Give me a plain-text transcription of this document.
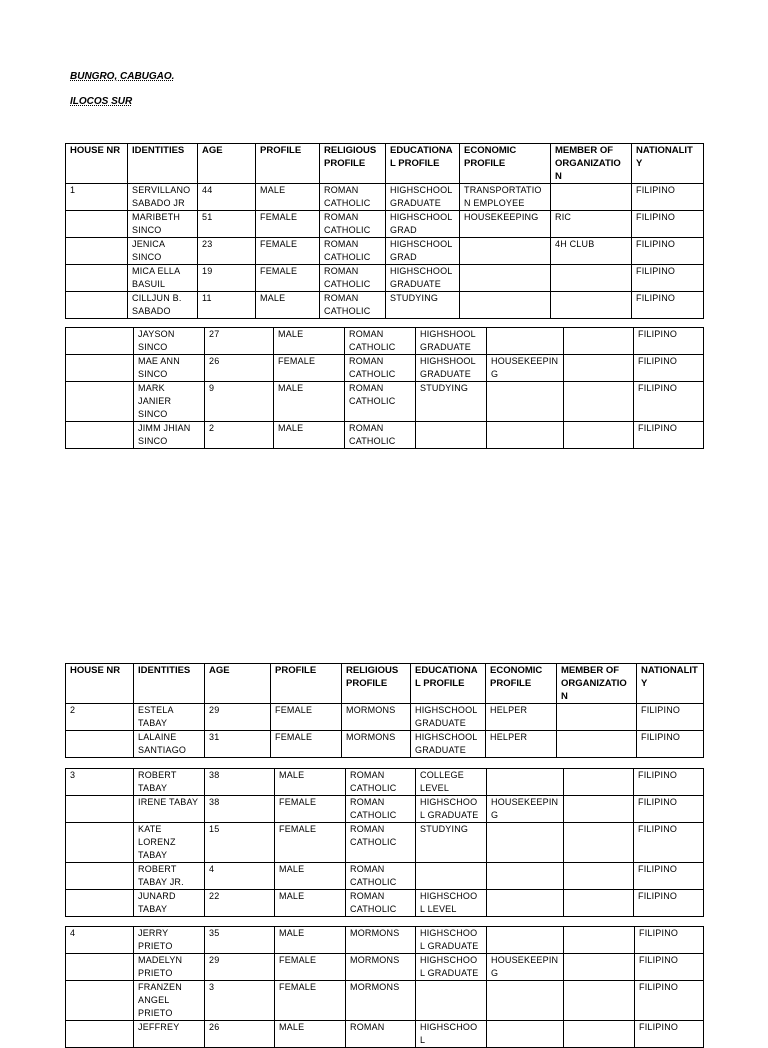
BUNGRO, CABUGAO.
ILOCOS SUR
HOUSE NR	IDENTITIES	AGE	PROFILE	RELIGIOUS PROFILE	EDUCATIONAL PROFILE	ECONOMIC PROFILE	MEMBER OF ORGANIZATION	NATIONALITY
1	SERVILLANO SABADO JR	44	MALE	ROMAN CATHOLIC	HIGHSCHOOL GRADUATE	TRANSPORTATION EMPLOYEE		FILIPINO
	MARIBETH SINCO	51	FEMALE	ROMAN CATHOLIC	HIGHSCHOOL GRAD	HOUSEKEEPING	RIC	FILIPINO
	JENICA SINCO	23	FEMALE	ROMAN CATHOLIC	HIGHSCHOOL GRAD		4H CLUB	FILIPINO
	MICA ELLA BASUIL	19	FEMALE	ROMAN CATHOLIC	HIGHSCHOOL GRADUATE			FILIPINO
	CILLJUN B. SABADO	11	MALE	ROMAN CATHOLIC	STUDYING			FILIPINO
	JAYSON SINCO	27	MALE	ROMAN CATHOLIC	HIGHSHOOL GRADUATE			FILIPINO
	MAE ANN SINCO	26	FEMALE	ROMAN CATHOLIC	HIGHSHOOL GRADUATE	HOUSEKEEPING		FILIPINO
	MARK JANIER SINCO	9	MALE	ROMAN CATHOLIC	STUDYING			FILIPINO
	JIMM JHIAN SINCO	2	MALE	ROMAN CATHOLIC				FILIPINO
HOUSE NR	IDENTITIES	AGE	PROFILE	RELIGIOUS PROFILE	EDUCATIONAL PROFILE	ECONOMIC PROFILE	MEMBER OF ORGANIZATION	NATIONALITY
2	ESTELA TABAY	29	FEMALE	MORMONS	HIGHSCHOOL GRADUATE	HELPER		FILIPINO
	LALAINE SANTIAGO	31	FEMALE	MORMONS	HIGHSCHOOL GRADUATE	HELPER		FILIPINO
3	ROBERT TABAY	38	MALE	ROMAN CATHOLIC	COLLEGE LEVEL			FILIPINO
	IRENE TABAY	38	FEMALE	ROMAN CATHOLIC	HIGHSCHOOL GRADUATE	HOUSEKEEPING		FILIPINO
	KATE LORENZ TABAY	15	FEMALE	ROMAN CATHOLIC	STUDYING			FILIPINO
	ROBERT TABAY JR.	4	MALE	ROMAN CATHOLIC				FILIPINO
	JUNARD TABAY	22	MALE	ROMAN CATHOLIC	HIGHSCHOOL LEVEL			FILIPINO
4	JERRY PRIETO	35	MALE	MORMONS	HIGHSCHOOL GRADUATE			FILIPINO
	MADELYN PRIETO	29	FEMALE	MORMONS	HIGHSCHOOL GRADUATE	HOUSEKEEPING		FILIPINO
	FRANZEN ANGEL PRIETO	3	FEMALE	MORMONS				FILIPINO
	JEFFREY	26	MALE	ROMAN	HIGHSCHOOL			FILIPINO
